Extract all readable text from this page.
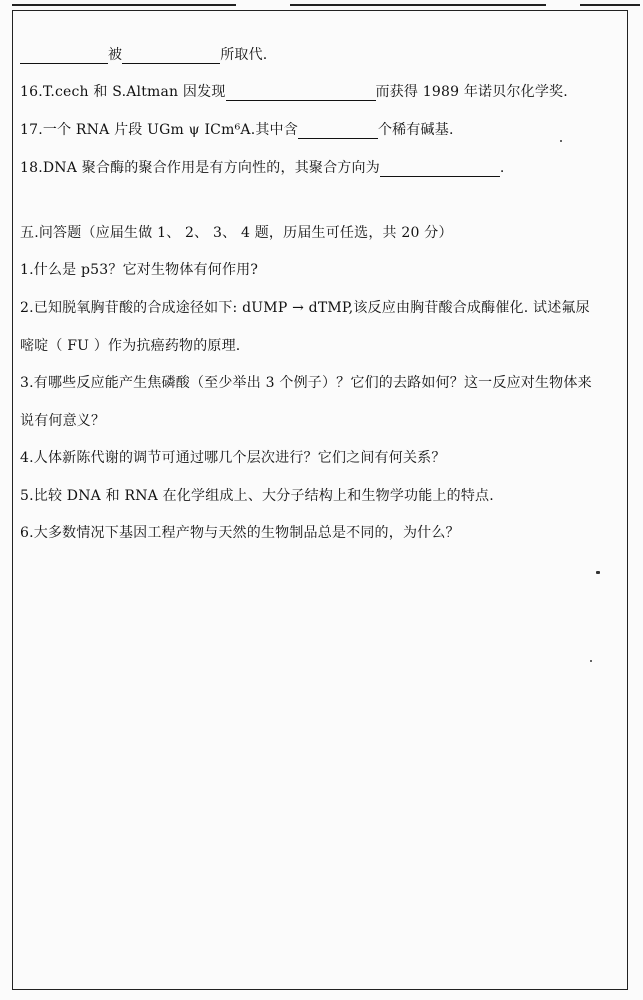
被	所取代.
16.T.cech 和 S.Altman 因发现	而获得 1989 年诺贝尔化学奖.
17.一个 RNA 片段 UGm ψ ICm⁶A.其中含	个稀有碱基.
18.DNA 聚合酶的聚合作用是有方向性的，其聚合方向为	.
五.问答题（应届生做 1、 2、 3、 4 题，历届生可任选，共 20 分）
1.什么是 p53？它对生物体有何作用?
2.已知脱氧胸苷酸的合成途径如下: dUMP → dTMP,该反应由胸苷酸合成酶催化. 试述氟尿
嘧啶（ FU ）作为抗癌药物的原理.
3.有哪些反应能产生焦磷酸（至少举出 3 个例子）？它们的去路如何？这一反应对生物体来
说有何意义？
4.人体新陈代谢的调节可通过哪几个层次进行？它们之间有何关系？
5.比较 DNA 和 RNA 在化学组成上、大分子结构上和生物学功能上的特点.
6.大多数情况下基因工程产物与天然的生物制品总是不同的，为什么？
